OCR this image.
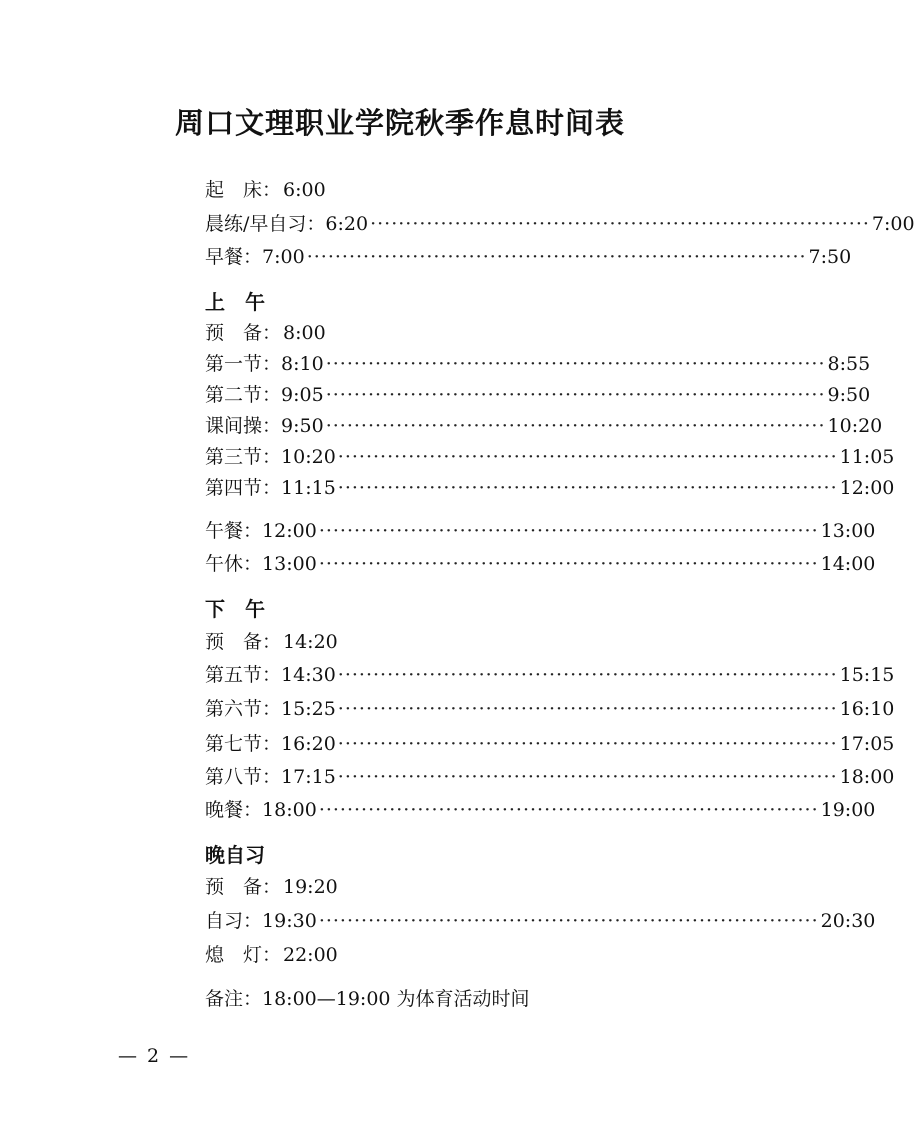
周口文理职业学院秋季作息时间表
起 床 ： 6:00
晨练/早自习 ： 6:20 ······································································· 7:00
早 餐 ： 7:00 ······································································· 7:50
预 备 ： 8:00
第一节 ： 8:10 ······································································· 8:55
第二节 ： 9:05 ······································································· 9:50
课间操 ： 9:50 ······································································· 10:20
第三节 ： 10:20 ······································································· 11:05
第四节 ： 11:15 ······································································· 12:00
午 餐 ： 12:00 ······································································· 13:00
午 休 ： 13:00 ······································································· 14:00
预 备 ： 14:20
第五节 ： 14:30 ······································································· 15:15
第六节 ： 15:25 ······································································· 16:10
第七节 ： 16:20 ······································································· 17:05
第八节 ： 17:15 ······································································· 18:00
晚 餐 ： 18:00 ······································································· 19:00
预 备 ： 19:20
自 习 ： 19:30 ······································································· 20:30
熄 灯 ： 22:00
上 午
下 午
晚自习
备注：18:00—19:00 为体育活动时间
— 2 —
